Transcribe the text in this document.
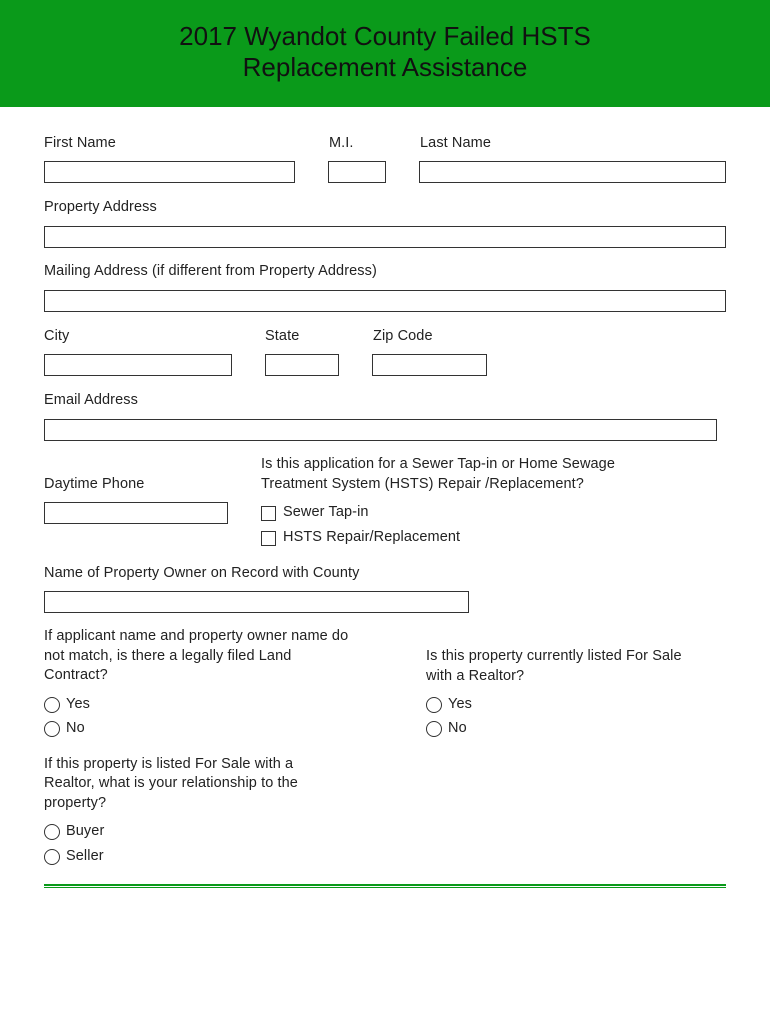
2017 Wyandot County Failed HSTS
Replacement Assistance
First Name	M.I.	Last Name
Property Address
Mailing Address (if different from Property Address)
City	State	Zip Code
Email Address
Is this application for a Sewer Tap-in or Home Sewage
Treatment System (HSTS) Repair /Replacement?
Daytime Phone
Sewer Tap-in
HSTS Repair/Replacement
Name of Property Owner on Record with County
If applicant name and property owner name do
not match, is there a legally filed Land
Contract?
Is this property currently listed For Sale
with a Realtor?
Yes
No
Yes
No
If this property is listed For Sale with a
Realtor, what is your relationship to the
property?
Buyer
Seller
